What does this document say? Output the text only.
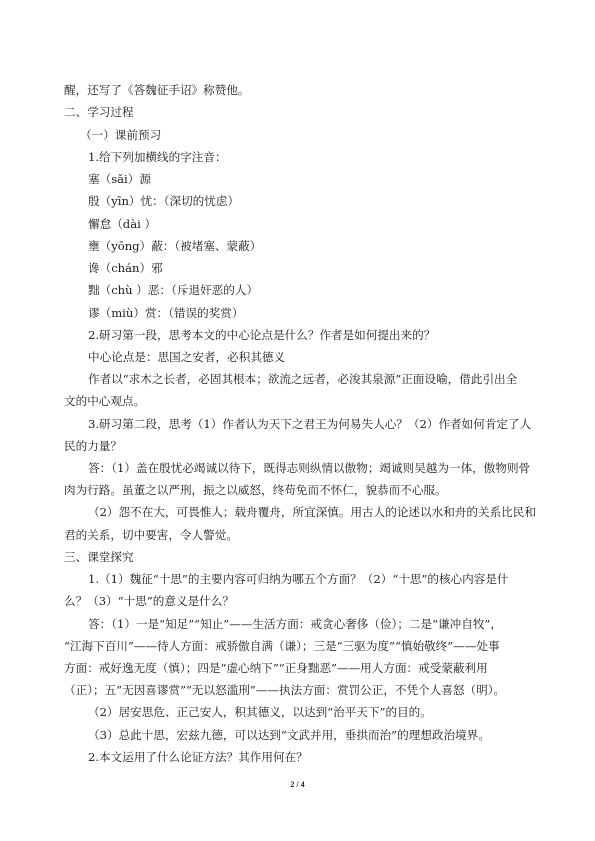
醒，还写了《答魏征手诏》称赞他。
二、学习过程
（一）课前预习
1.给下列加横线的字注音：
塞（sǎi）源
殷（yīn）忧：（深切的忧虑）
懈怠（dài ）
壅（yōng）蔽：（被堵塞、蒙蔽）
谗（chán）邪
黜（chù ）恶：（斥退奸恶的人）
谬（miù）赏：（错误的奖赏）
2.研习第一段，思考本文的中心论点是什么？作者是如何提出来的？
中心论点是：思国之安者，必积其德义
作者以“求木之长者，必固其根本；欲流之远者，必浚其泉源”正面设喻，借此引出全
文的中心观点。
3.研习第二段，思考（1）作者认为天下之君王为何易失人心？（2）作者如何肯定了人
民的力量？
答：（1）盖在殷忧必竭诚以待下，既得志则纵情以傲物；竭诚则吴越为一体，傲物则骨
肉为行路。虽董之以严刑，振之以威怒，终苟免而不怀仁，貌恭而不心服。
（2）怨不在大，可畏惟人；载舟覆舟，所宜深慎。用古人的论述以水和舟的关系比民和
君的关系，切中要害，令人警觉。
三、课堂探究
1.（1）魏征“十思”的主要内容可归纳为哪五个方面？（2）“十思”的核心内容是什
么？（3）“十思”的意义是什么？
答：（1）一是“知足”“知止”——生活方面：戒贪心奢侈（俭）；二是“谦冲自牧”，
“江海下百川”——待人方面：戒骄傲自满（谦）；三是“三驱为度”“慎始敬终”——处事
方面：戒好逸无度（慎）；四是“虚心纳下”“正身黜恶”——用人方面：戒受蒙蔽利用
（正）；五“无因喜谬赏”“无以怒滥刑”——执法方面：赏罚公正，不凭个人喜怒（明）。
（2）居安思危、正己安人，积其德义，以达到“治平天下”的目的。
（3）总此十思，宏兹九德，可以达到“文武并用，垂拱而治”的理想政治境界。
2.本文运用了什么论证方法？其作用何在？
2 / 4
